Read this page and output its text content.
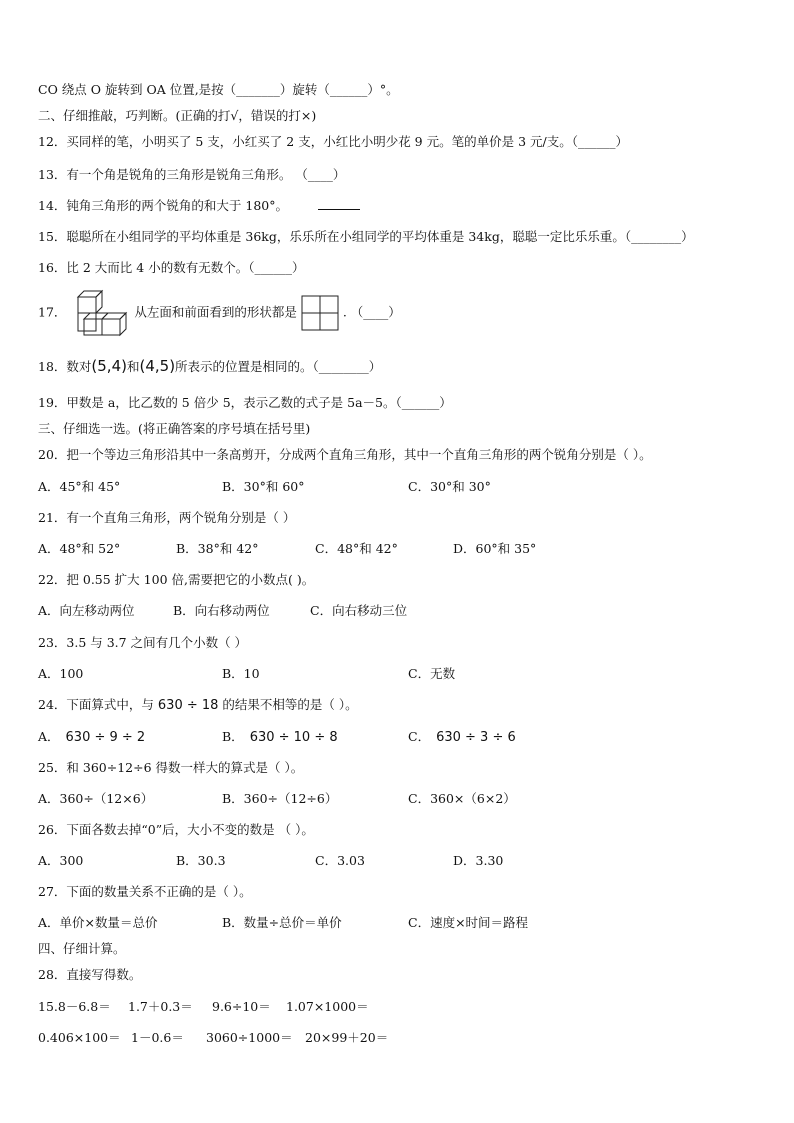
CO 绕点 O 旋转到 OA 位置,是按（_______）旋转（______）°。
二、仔细推敲，巧判断。(正确的打√，错误的打×)
12．买同样的笔，小明买了 5 支，小红买了 2 支，小红比小明少花 9 元。笔的单价是 3 元/支。（______）
13．有一个角是锐角的三角形是锐角三角形。 （____）
14．钝角三角形的两个锐角的和大于 180°。
15．聪聪所在小组同学的平均体重是 36kg，乐乐所在小组同学的平均体重是 34kg，聪聪一定比乐乐重。（________）
16．比 2 大而比 4 小的数有无数个。（______）
17．	从左面和前面看到的形状都是	. （____）
18．数对(5,4)和(4,5)所表示的位置是相同的。（________）
19．甲数是 a，比乙数的 5 倍少 5，表示乙数的式子是 5a－5。（______）
三、仔细选一选。(将正确答案的序号填在括号里)
20．把一个等边三角形沿其中一条高剪开，分成两个直角三角形，其中一个直角三角形的两个锐角分别是（ ）。
A．45°和 45°	B．30°和 60°	C．30°和 30°
21．有一个直角三角形，两个锐角分别是（ ）
A．48°和 52°	B．38°和 42°	C．48°和 42°	D．60°和 35°
22．把 0.55 扩大 100 倍,需要把它的小数点( )。
A．向左移动两位	B．向右移动两位	C．向右移动三位
23．3.5 与 3.7 之间有几个小数（ ）
A．100	B．10	C．无数
24．下面算式中，与 630 ÷ 18 的结果不相等的是（ ）。
A． 630 ÷ 9 ÷ 2	B． 630 ÷ 10 ÷ 8	C． 630 ÷ 3 ÷ 6
25．和 360÷12÷6 得数一样大的算式是（ ）。
A．360÷（12×6）	B．360÷（12÷6）	C．360×（6×2）
26．下面各数去掉“0”后，大小不变的数是 （ ）。
A．300	B．30.3	C．3.03	D．3.30
27．下面的数量关系不正确的是（ ）。
A．单价×数量＝总价	B．数量÷总价＝单价	C．速度×时间＝路程
四、仔细计算。
28．直接写得数。
15.8－6.8＝ 1.7＋0.3＝ 9.6÷10＝ 1.07×1000＝
0.406×100＝ 1－0.6＝ 3060÷1000＝ 20×99＋20＝
